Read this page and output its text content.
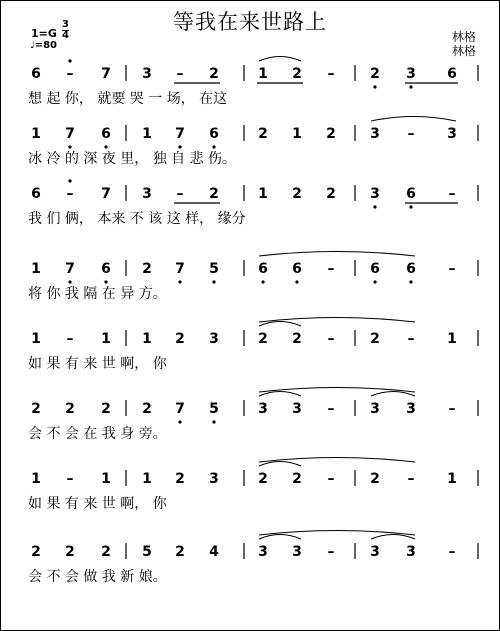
等我在来世路上
1=G
3
4
♩=80
林格
林格
6 – 7 3 – 2	1 2 –	2 3 6
想 起 你， 就要 哭 一 场， 在这
1 7 6 1 7 6	2 1 2 3 – 3
冰 冷 的 深 夜 里， 独 自 悲 伤。
6 – 7 3 – 2	1 2 2 3 6 –
我 们 俩， 本来 不 该 这 样， 缘分
1 7 6 2 7 5	6 6 –	6 6 –
将 你 我 隔 在 异 方。
1 – 1 1 2 3	2 2 –	2 – 1
如 果 有 来 世 啊， 你
2 2 2 2 7 5	3 3 –	3 3 –
会 不 会 在 我 身 旁。
1 – 1 1 2 3	2 2 –	2 – 1
如 果 有 来 世 啊， 你
2 2 2 5 2 4	3 3 –	3 3 –
会 不 会 做 我 新 娘。
